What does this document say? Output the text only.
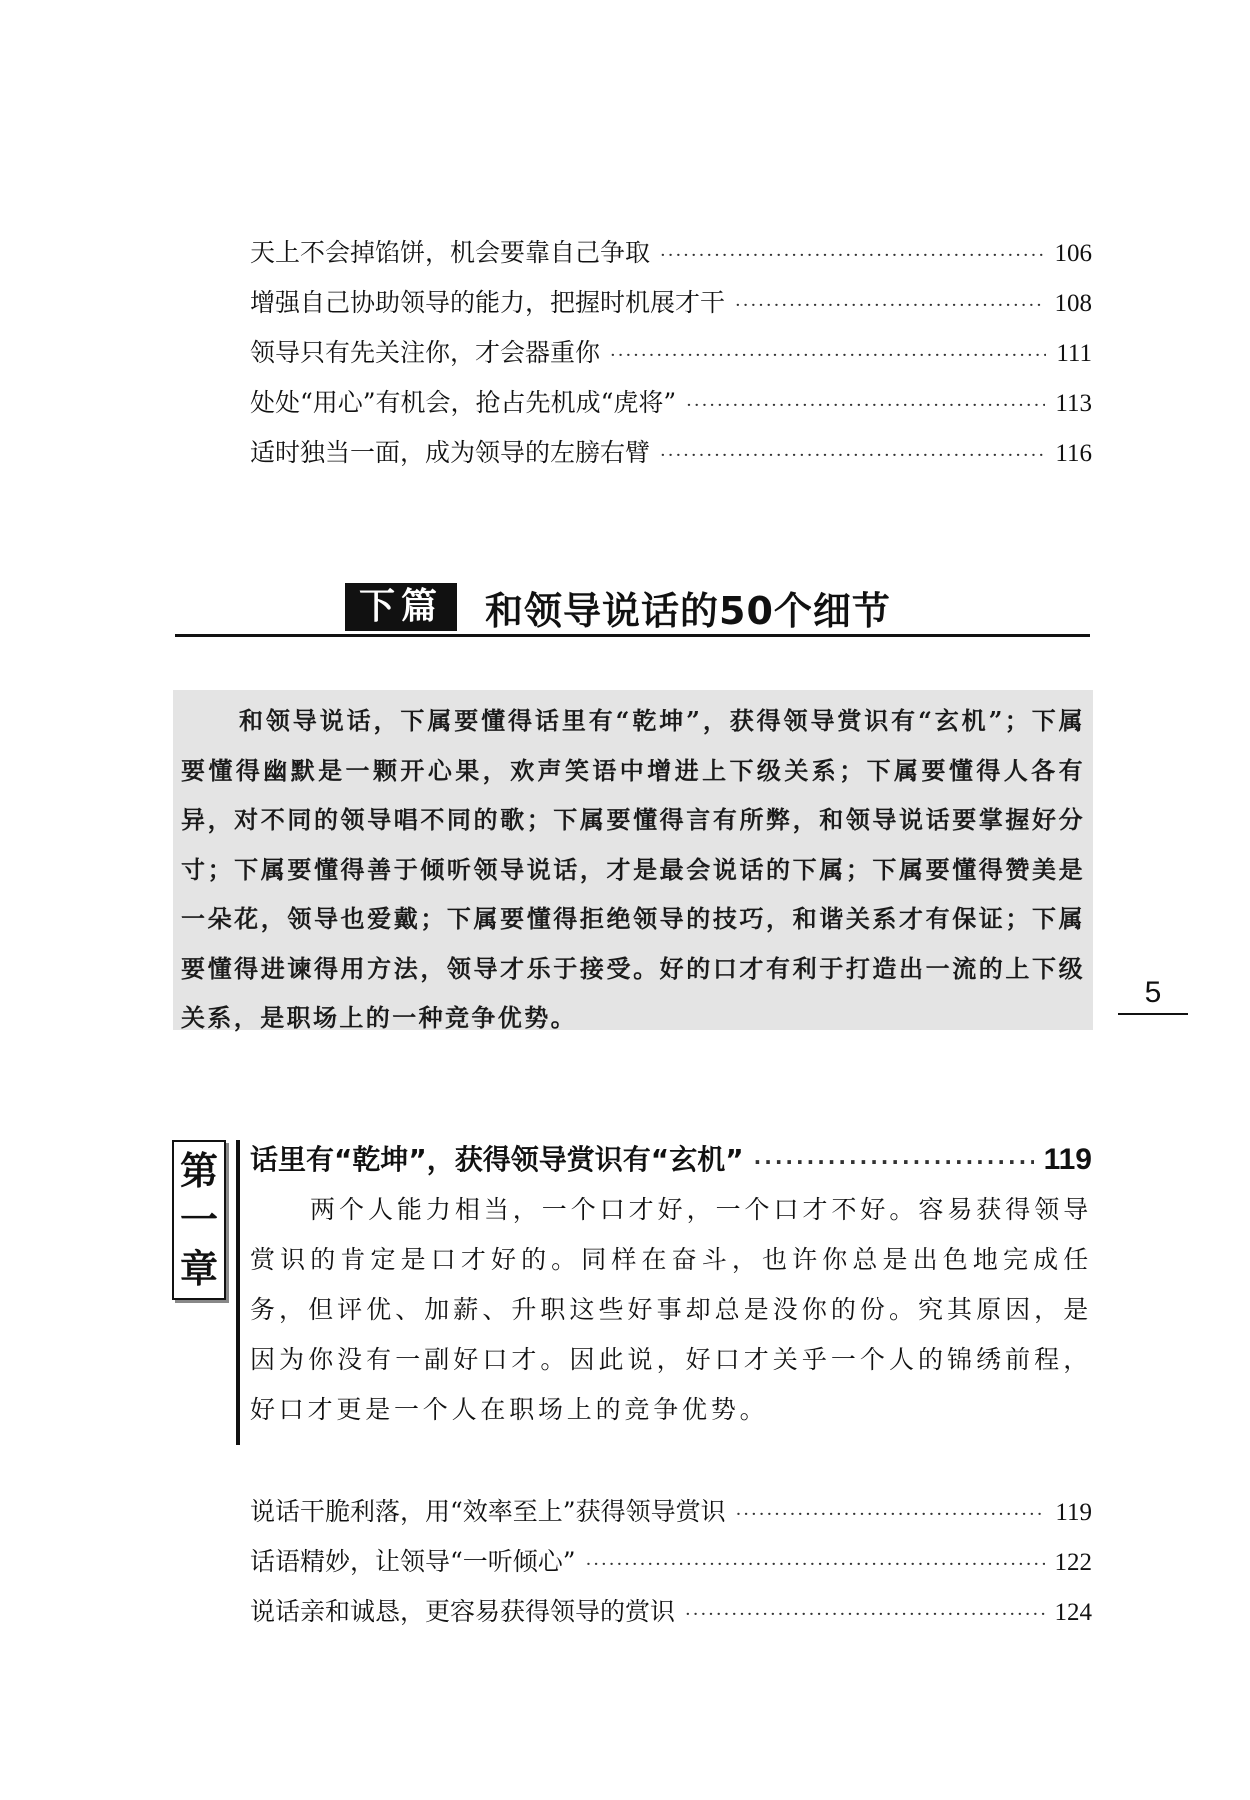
天上不会掉馅饼，机会要靠自己争取 ·····	106
增强自己协助领导的能力，把握时机展才干 ·····	108
领导只有先关注你，才会器重你 ·····	111
处处“用心”有机会，抢占先机成“虎将” ·····	113
适时独当一面，成为领导的左膀右臂 ·····	116
下篇	和领导说话的50个细节

和领导说话，下属要懂得话里有“乾坤”，获得领导赏识有“玄机”；下属要懂得幽默是一颗开心果，欢声笑语中增进上下级关系；下属要懂得人各有异，对不同的领导唱不同的歌；下属要懂得言有所弊，和领导说话要掌握好分寸；下属要懂得善于倾听领导说话，才是最会说话的下属；下属要懂得赞美是一朵花，领导也爱戴；下属要懂得拒绝领导的技巧，和谐关系才有保证；下属要懂得进谏得用方法，领导才乐于接受。好的口才有利于打造出一流的上下级关系，是职场上的一种竞争优势。

5
第
一
章
话里有“乾坤”，获得领导赏识有“玄机” ·····	119

两个人能力相当，一个口才好，一个口才不好。容易获得领导赏识的肯定是口才好的。同样在奋斗，也许你总是出色地完成任务，但评优、加薪、升职这些好事却总是没你的份。究其原因，是因为你没有一副好口才。因此说，好口才关乎一个人的锦绣前程，好口才更是一个人在职场上的竞争优势。

说话干脆利落，用“效率至上”获得领导赏识 ·····	119
话语精妙，让领导“一听倾心” ·····	122
说话亲和诚恳，更容易获得领导的赏识 ·····	124
